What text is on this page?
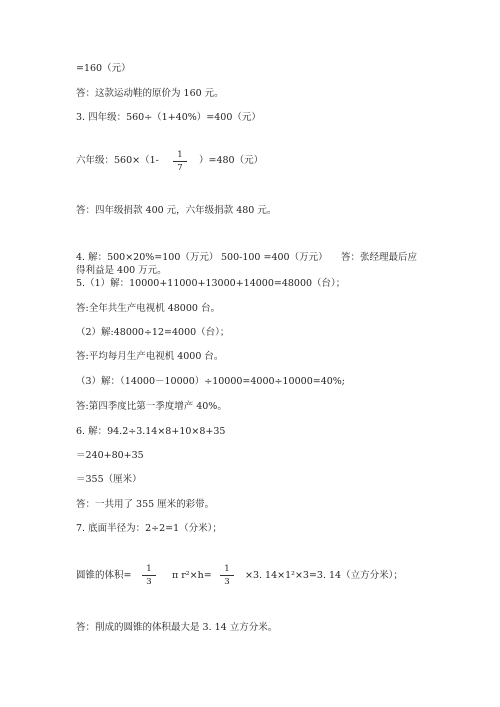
=160（元）
答：这款运动鞋的原价为 160 元。
3. 四年级：560÷（1+40%）=400（元）
六年级：560×（1-	1
7
）=480（元）
答：四年级捐款 400 元，六年级捐款 480 元。
4. 解：500×20%=100（万元） 500-100 =400（万元） 答：张经理最后应
得利益是 400 万元。
5.（1）解：10000+11000+13000+14000=48000（台）；
答:全年共生产电视机 48000 台。
（2）解:48000÷12=4000（台）；
答:平均每月生产电视机 4000 台。
（3）解：（14000－10000）÷10000=4000÷10000=40%;
答:第四季度比第一季度增产 40%。
6. 解：94.2÷3.14×8+10×8+35
＝240+80+35
＝355（厘米）
答：一共用了 355 厘米的彩带。
7. 底面半径为：2÷2=1（分米）；
圆锥的体积=
1
3
π r²×h=
1
3
×3. 14×1²×3=3. 14（立方分米）；
答：削成的圆锥的体积最大是 3. 14 立方分米。
